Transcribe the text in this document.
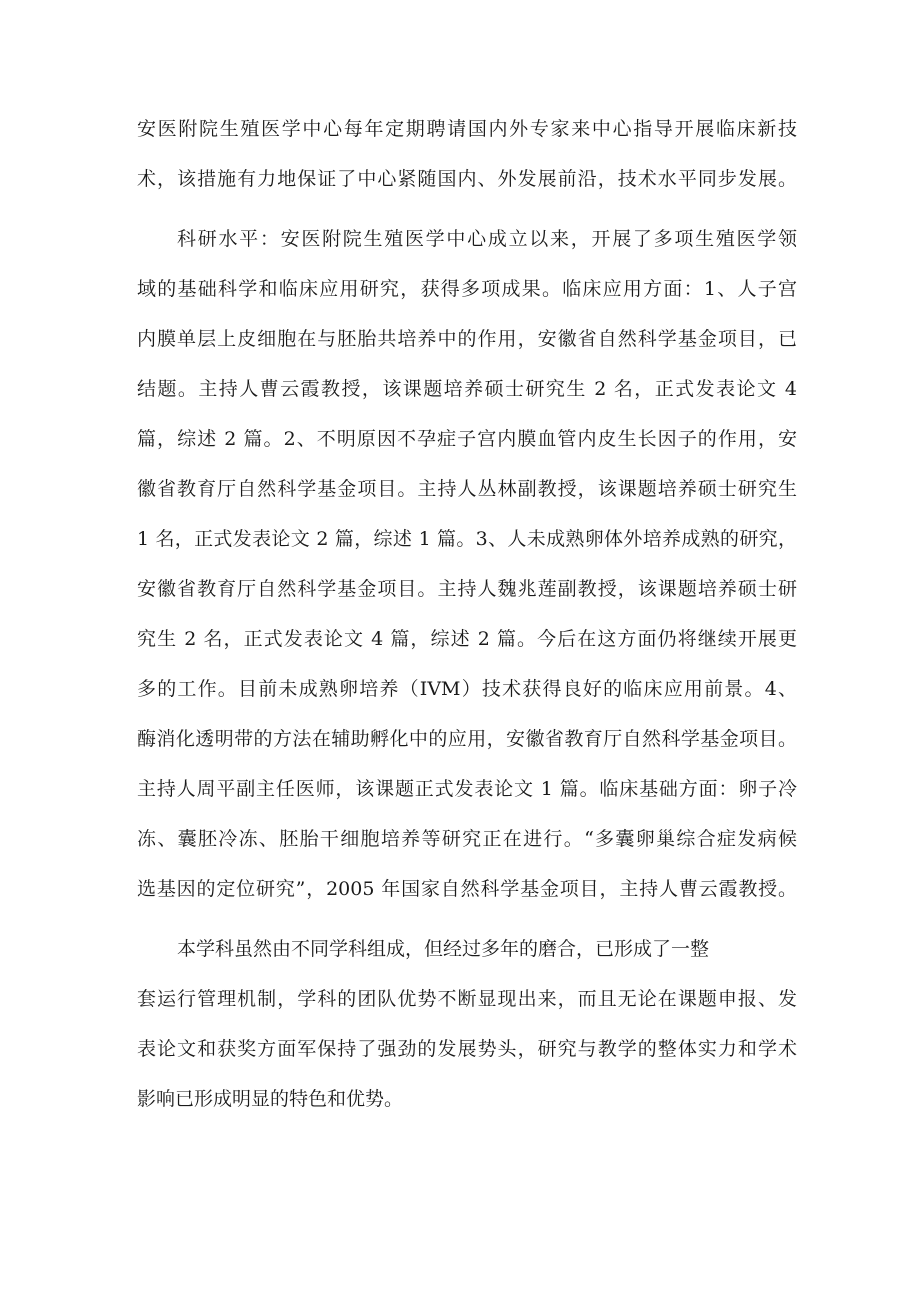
安医附院生殖医学中心每年定期聘请国内外专家来中心指导开展临床新技
术，该措施有力地保证了中心紧随国内、外发展前沿，技术水平同步发展。
科研水平：安医附院生殖医学中心成立以来，开展了多项生殖医学领
域的基础科学和临床应用研究，获得多项成果。临床应用方面：1、人子宫
内膜单层上皮细胞在与胚胎共培养中的作用，安徽省自然科学基金项目，已
结题。主持人曹云霞教授，该课题培养硕士研究生 2 名，正式发表论文 4
篇，综述 2 篇。2、不明原因不孕症子宫内膜血管内皮生长因子的作用，安
徽省教育厅自然科学基金项目。主持人丛林副教授，该课题培养硕士研究生
1 名，正式发表论文 2 篇，综述 1 篇。3、人未成熟卵体外培养成熟的研究，
安徽省教育厅自然科学基金项目。主持人魏兆莲副教授，该课题培养硕士研
究生 2 名，正式发表论文 4 篇，综述 2 篇。今后在这方面仍将继续开展更
多的工作。目前未成熟卵培养（IVM）技术获得良好的临床应用前景。4、
酶消化透明带的方法在辅助孵化中的应用，安徽省教育厅自然科学基金项目。
主持人周平副主任医师，该课题正式发表论文 1 篇。临床基础方面：卵子冷
冻、囊胚冷冻、胚胎干细胞培养等研究正在进行。“多囊卵巢综合症发病候
选基因的定位研究”，2005 年国家自然科学基金项目，主持人曹云霞教授。
本学科虽然由不同学科组成，但经过多年的磨合，已形成了一整
套运行管理机制，学科的团队优势不断显现出来，而且无论在课题申报、发
表论文和获奖方面军保持了强劲的发展势头，研究与教学的整体实力和学术
影响已形成明显的特色和优势。
